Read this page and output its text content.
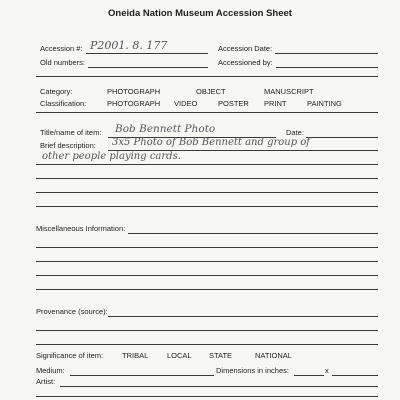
Oneida Nation Museum Accession Sheet
Accession #: P2001. 8. 177	Accession Date:
Old numbers:	Accessioned by:
Category:	PHOTOGRAPH	OBJECT	MANUSCRIPT
Classification:	PHOTOGRAPH VIDEO	POSTER PRINT	PAINTING
Title/name of item: Bob Bennett Photo	Date:
Brief description: 3x5 Photo of Bob Bennett and group of
other people playing cards.
Miscellaneous Information:
Provenance (source):
Significance of item:	TRIBAL LOCAL STATE	NATIONAL
Medium:	Dimensions in inches:	x
Artist:
